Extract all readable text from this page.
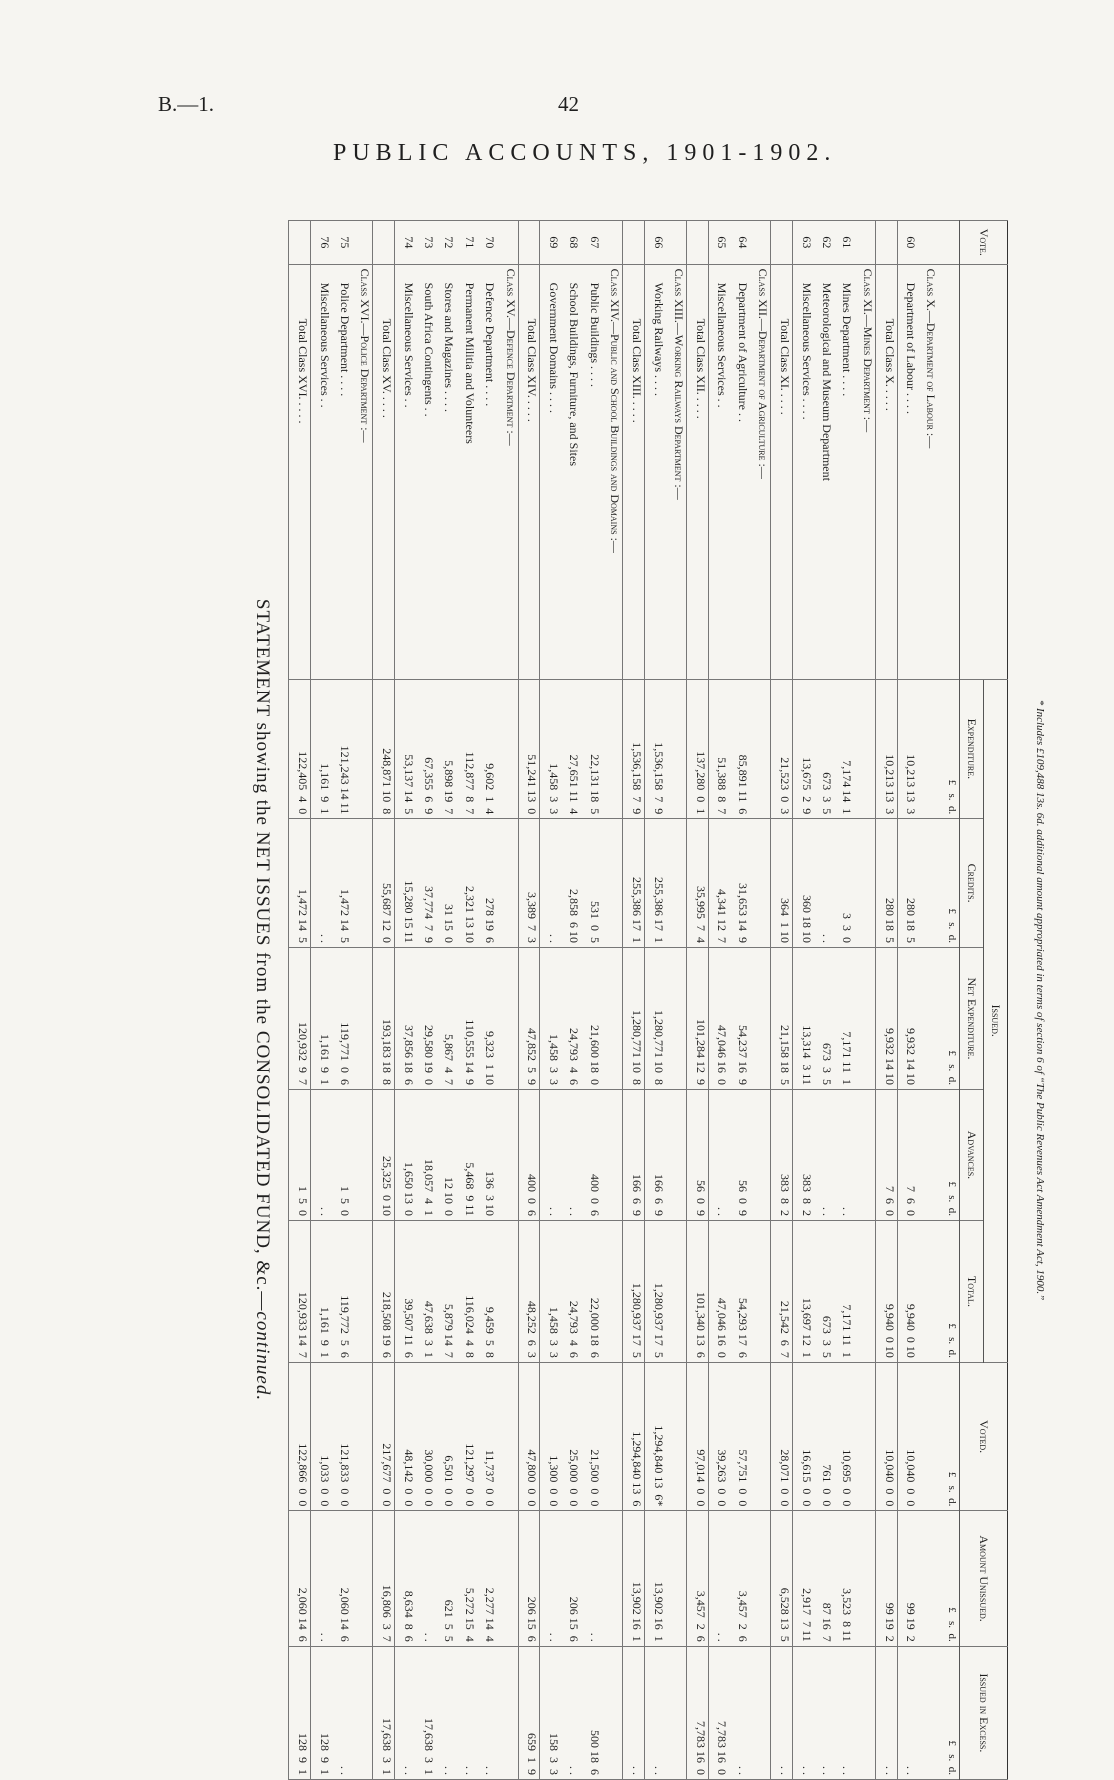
B.—1.	42
PUBLIC ACCOUNTS, 1901-1902.
* Includes £109,488 13s. 6d. additional amount appropriated in terms of section 6 of “The Public Revenues Act Amendment Act, 1900.”
Vote.		Issued.					Voted.	Amount Unissued.	Issued in Excess.
		Expenditure.	Credits.	Net Expenditure.	Advances.	Total.			
		£   s.  d.	£   s.  d.	£   s.  d.	£   s.  d.	£   s.  d.	£   s.  d.	£   s.  d.	£   s.  d.
	Class X.—Department of Labour :—								
60	Department of Labour . . . .	10,213 13  3	280 18  5	9,932 14 10	7  6  0	9,940  0 10	10,040  0  0	99 19  2	. .

	Total Class X. . . . .	10,213 13  3	280 18  5	9,932 14 10	7  6  0	9,940  0 10	10,040  0  0	99 19  2	. .
	Class XI.—Mines Department :—								
61	Mines Department . . . .	7,174 14  1	3  3  0	7,171 11  1	. .	7,171 11  1	10,695  0  0	3,523  8 11	. .
62	Meteorological and Museum Department	673  3  5	. .	673  3  5	. .	673  3  5	761  0  0	87 16  7	. .
63	Miscellaneous Services . . . .	13,675  2  9	360 18 10	13,314  3 11	383  8  2	13,697 12  1	16,615  0  0	2,917  7 11	. .

	Total Class XI. . . . .	21,523  0  3	364  1 10	21,158 18  5	383  8  2	21,542  6  7	28,071  0  0	6,528 13  5	. .
	Class XII.—Department of Agriculture :—								
64	Department of Agriculture . .	85,891 11  6	31,653 14  9	54,237 16  9	56  0  9	54,293 17  6	57,751  0  0	3,457  2  6	. .
65	Miscellaneous Services . .	51,388  8  7	4,341 12  7	47,046 16  0	. .	47,046 16  0	39,263  0  0	. .	7,783 16  0

	Total Class XII. . . . .	137,280  0  1	35,995  7  4	101,284 12  9	56  0  9	101,340 13  6	97,014  0  0	3,457  2  6	7,783 16  0
	Class XIII.—Working Railways Department :—								
66	Working Railways . . . .	1,536,158  7  9	255,386 17  1	1,280,771 10  8	166  6  9	1,280,937 17  5	1,294,840 13  6*	13,902 16  1	. .

	Total Class XIII. . . . .	1,536,158  7  9	255,386 17  1	1,280,771 10  8	166  6  9	1,280,937 17  5	1,294,840 13  6	13,902 16  1	. .
	Class XIV.—Public and School Buildings and Domains :—								
67	Public Buildings . . . .	22,131 18  5	531  0  5	21,600 18  0	400  0  6	22,000 18  6	21,500  0  0	. .	500 18  6
68	School Buildings, Furniture, and Sites	27,651 11  4	2,858  6 10	24,793  4  6	. .	24,793  4  6	25,000  0  0	206 15  6	. .
69	Government Domains . . . .	1,458  3  3	. .	1,458  3  3	. .	1,458  3  3	1,300  0  0	. .	158  3  3

	Total Class XIV. . . . .	51,241 13  0	3,389  7  3	47,852  5  9	400  0  6	48,252  6  3	47,800  0  0	206 15  6	659  1  9
	Class XV.—Defence Department :—								
70	Defence Department . . . .	9,602  1  4	278 19  6	9,323  1 10	136  3 10	9,459  5  8	11,737  0  0	2,277 14  4	. .
71	Permanent Militia and Volunteers	112,877  8  7	2,321 13 10	110,555 14  9	5,468  9 11	116,024  4  8	121,297  0  0	5,272 15  4	. .
72	Stores and Magazines . . . .	5,898 19  7	31 15  0	5,867  4  7	12 10  0	5,879 14  7	6,501  0  0	621  5  5	. .
73	South Africa Contingents . .	67,355  6  9	37,774  7  9	29,580 19  0	18,057  4  1	47,638  3  1	30,000  0  0	. .	17,638  3  1
74	Miscellaneous Services . .	53,137 14  5	15,280 15 11	37,856 18  6	1,650 13  0	39,507 11  6	48,142  0  0	8,634  8  6	. .

	Total Class XV. . . . .	248,871 10  8	55,687 12  0	193,183 18  8	25,325  0 10	218,508 19  6	217,677  0  0	16,806  3  7	17,638  3  1
	Class XVI.—Police Department :—								
75	Police Department . . . .	121,243 14 11	1,472 14  5	119,771  0  6	1  5  0	119,772  5  6	121,833  0  0	2,060 14  6	. .
76	Miscellaneous Services . .	1,161  9  1	. .	1,161  9  1	. .	1,161  9  1	1,033  0  0	. .	128  9  1

	Total Class XVI. . . . .	122,405  4  0	1,472 14  5	120,932  9  7	1  5  0	120,933 14  7	122,866  0  0	2,060 14  6	128  9  1
STATEMENT showing the NET ISSUES from the CONSOLIDATED FUND, &c.—continued.
